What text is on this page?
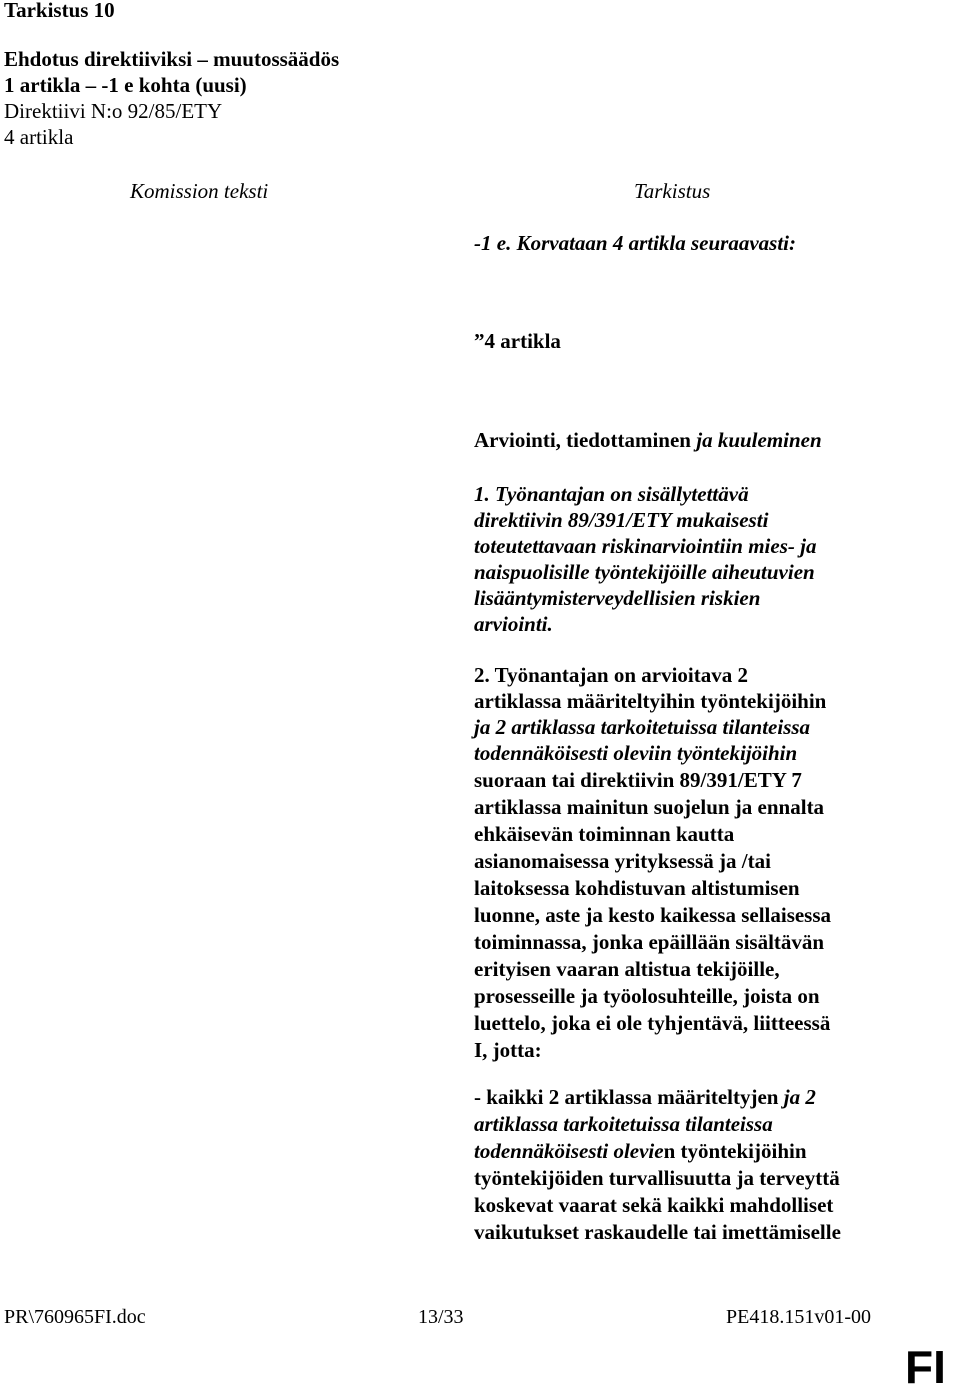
Tarkistus 10
Ehdotus direktiiviksi – muutossäädös
1 artikla – -1 e kohta (uusi)
Direktiivi N:o 92/85/ETY
4 artikla
Komission teksti	Tarkistus
-1 e. Korvataan 4 artikla seuraavasti:
”4 artikla
Arviointi, tiedottaminen ja kuuleminen
1. Työnantajan on sisällytettävä
direktiivin 89/391/ETY mukaisesti
toteutettavaan riskinarviointiin mies- ja
naispuolisille työntekijöille aiheutuvien
lisääntymisterveydellisien riskien
arviointi.
2. Työnantajan on arvioitava 2
artiklassa määriteltyihin työntekijöihin
ja 2 artiklassa tarkoitetuissa tilanteissa
todennäköisesti oleviin työntekijöihin
suoraan tai direktiivin 89/391/ETY 7
artiklassa mainitun suojelun ja ennalta
ehkäisevän toiminnan kautta
asianomaisessa yrityksessä ja /tai
laitoksessa kohdistuvan altistumisen
luonne, aste ja kesto kaikessa sellaisessa
toiminnassa, jonka epäillään sisältävän
erityisen vaaran altistua tekijöille,
prosesseille ja työolosuhteille, joista on
luettelo, joka ei ole tyhjentävä, liitteessä
I, jotta:
- kaikki 2 artiklassa määriteltyjen ja 2
artiklassa tarkoitetuissa tilanteissa
todennäköisesti olevien työntekijöihin
työntekijöiden turvallisuutta ja terveyttä
koskevat vaarat sekä kaikki mahdolliset
vaikutukset raskaudelle tai imettämiselle
PR\760965FI.doc	13/33	PE418.151v01-00
FI
